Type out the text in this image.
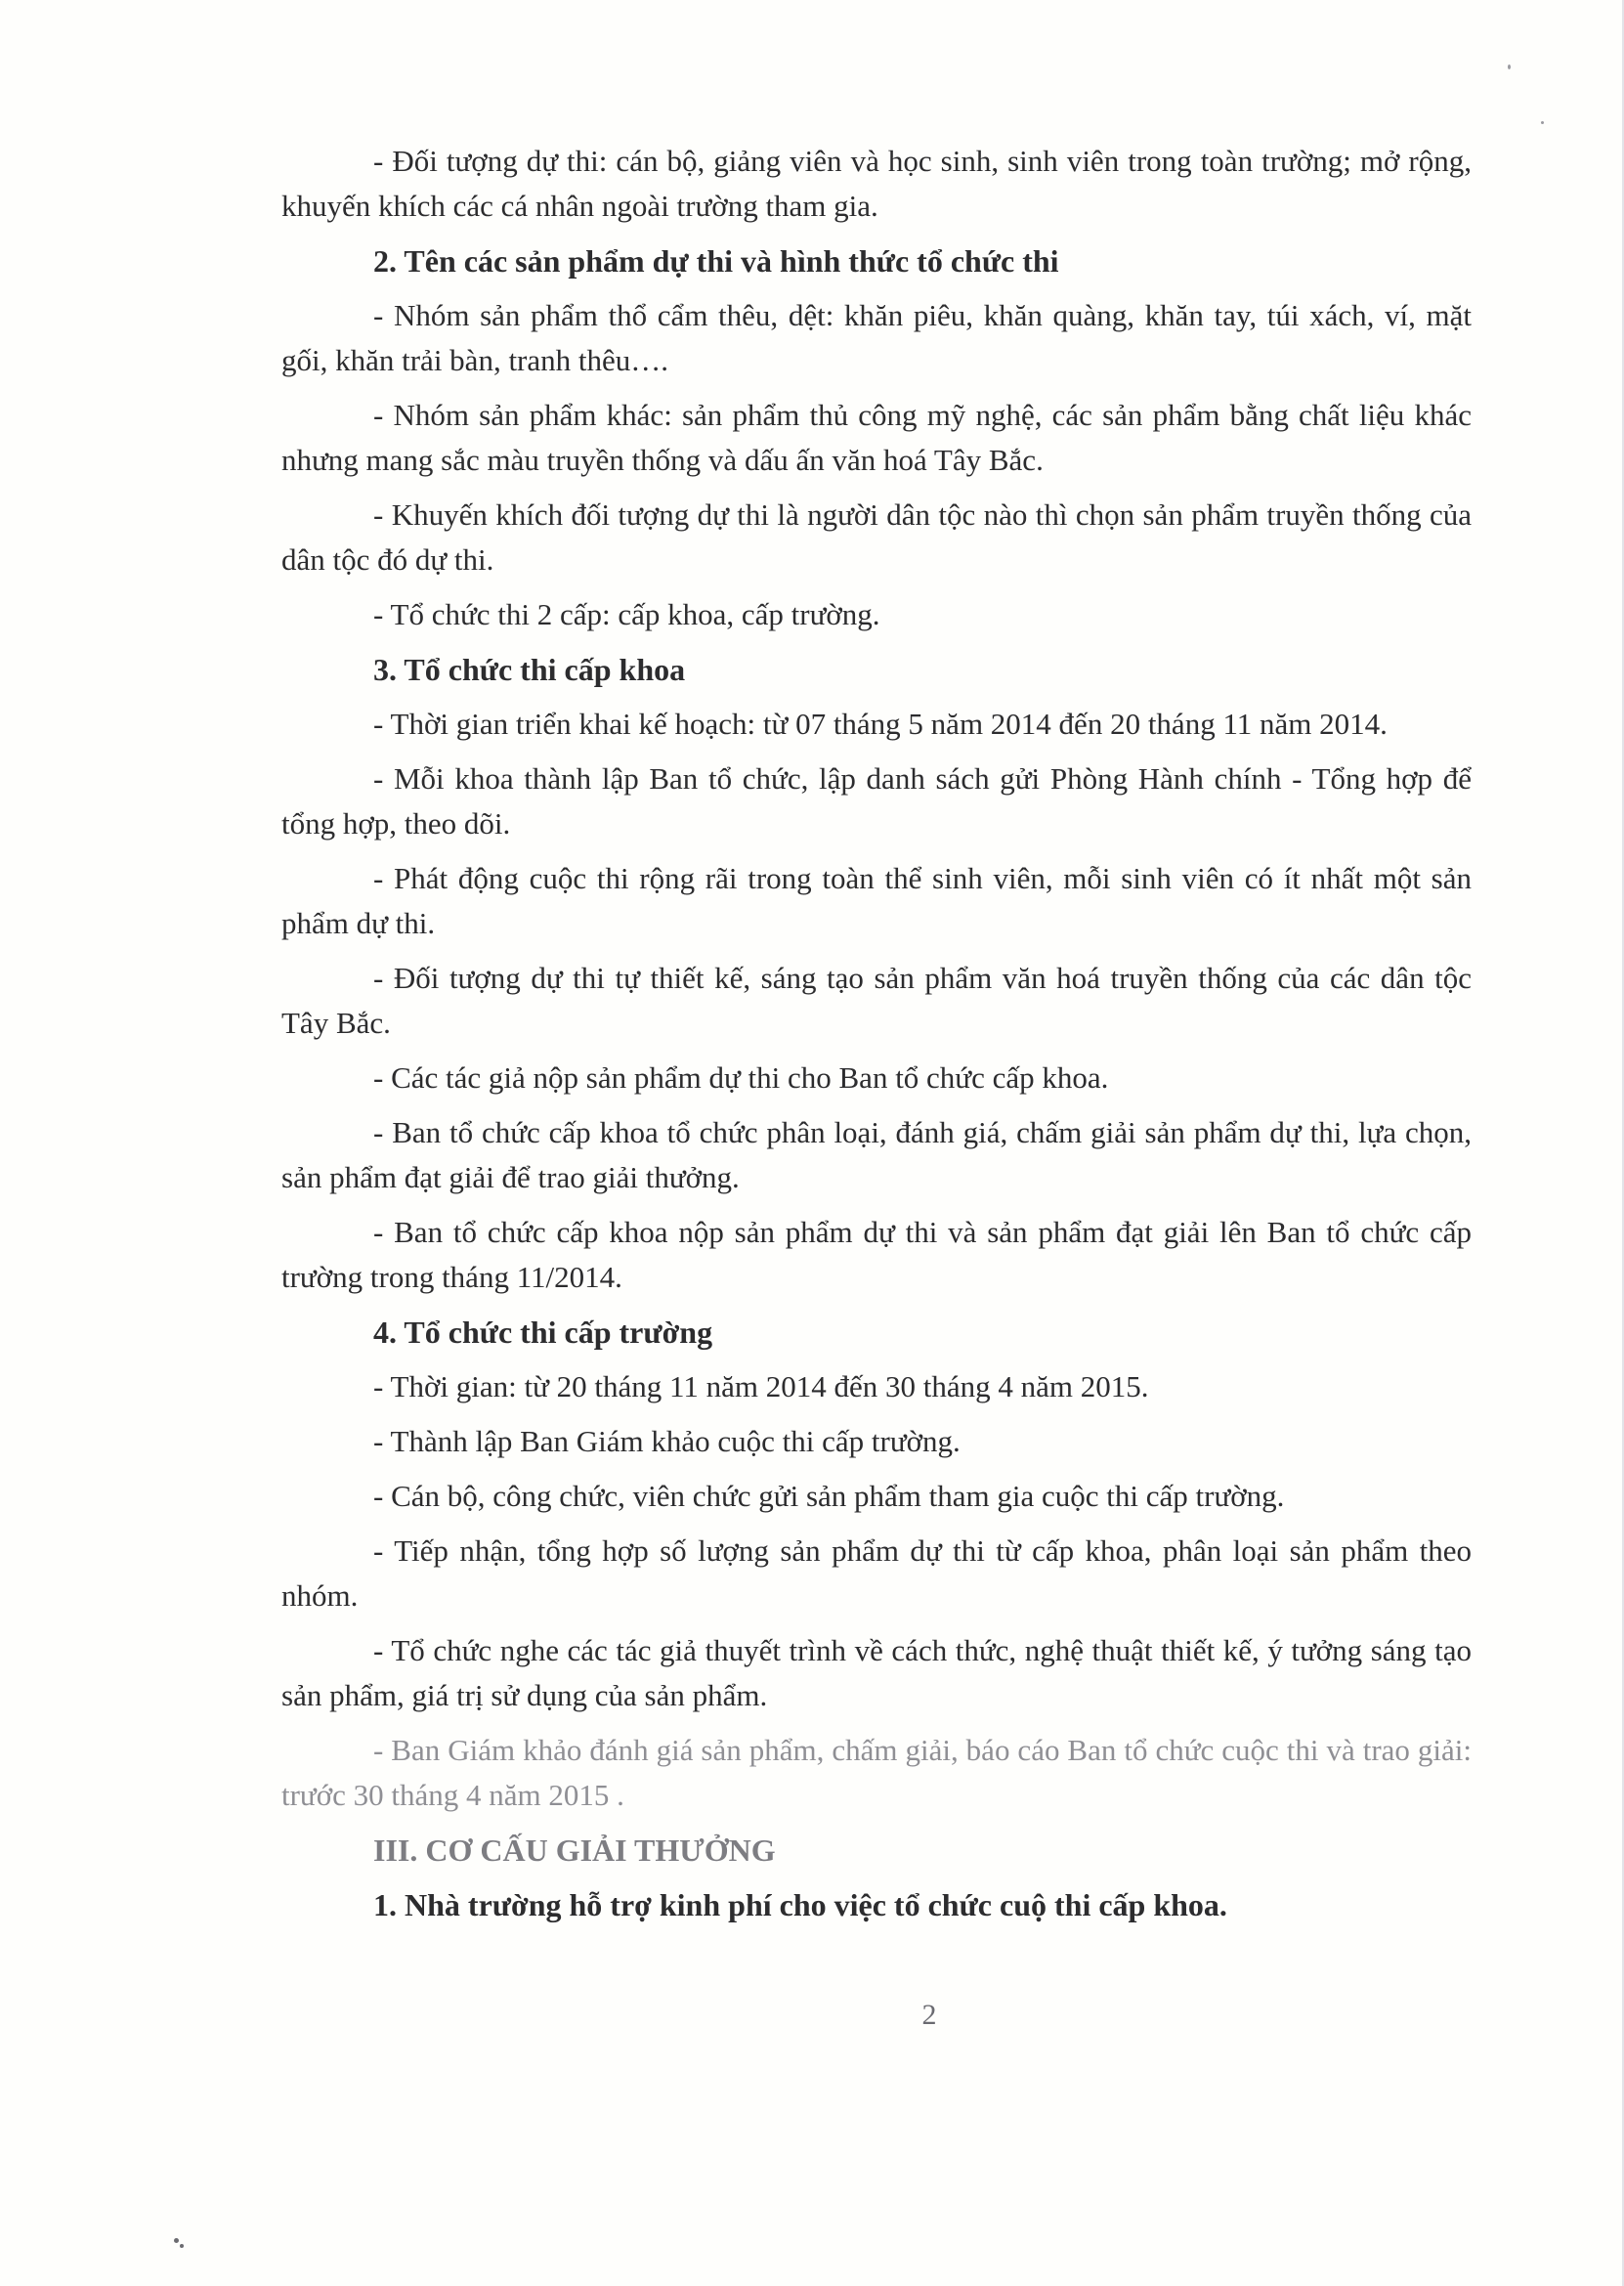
- Đối tượng dự thi: cán bộ, giảng viên và học sinh, sinh viên trong toàn trường; mở rộng, khuyến khích các cá nhân ngoài trường tham gia.

2. Tên các sản phẩm dự thi và hình thức tổ chức thi

- Nhóm sản phẩm thổ cẩm thêu, dệt: khăn piêu, khăn quàng, khăn tay, túi xách, ví, mặt gối, khăn trải bàn, tranh thêu….

- Nhóm sản phẩm khác: sản phẩm thủ công mỹ nghệ, các sản phẩm bằng chất liệu khác nhưng mang sắc màu truyền thống và dấu ấn văn hoá Tây Bắc.

- Khuyến khích đối tượng dự thi là người dân tộc nào thì chọn sản phẩm truyền thống của dân tộc đó dự thi.

- Tổ chức thi 2 cấp: cấp khoa, cấp trường.

3. Tổ chức thi cấp khoa

- Thời gian triển khai kế hoạch: từ 07 tháng 5 năm 2014 đến 20 tháng 11 năm 2014.

- Mỗi khoa thành lập Ban tổ chức, lập danh sách gửi Phòng Hành chính - Tổng hợp để tổng hợp, theo dõi.

- Phát động cuộc thi rộng rãi trong toàn thể sinh viên, mỗi sinh viên có ít nhất một sản phẩm dự thi.

- Đối tượng dự thi tự thiết kế, sáng tạo sản phẩm văn hoá truyền thống của các dân tộc Tây Bắc.

- Các tác giả nộp sản phẩm dự thi cho Ban tổ chức cấp khoa.

- Ban tổ chức cấp khoa tổ chức phân loại, đánh giá, chấm giải sản phẩm dự thi, lựa chọn, sản phẩm đạt giải để trao giải thưởng.

- Ban tổ chức cấp khoa nộp sản phẩm dự thi và sản phẩm đạt giải lên Ban tổ chức cấp trường trong tháng 11/2014.

4. Tổ chức thi cấp trường

- Thời gian: từ 20 tháng 11 năm 2014 đến 30 tháng 4 năm 2015.

- Thành lập Ban Giám khảo cuộc thi cấp trường.

- Cán bộ, công chức, viên chức gửi sản phẩm tham gia cuộc thi cấp trường.

- Tiếp nhận, tổng hợp số lượng sản phẩm dự thi từ cấp khoa, phân loại sản phẩm theo nhóm.

- Tổ chức nghe các tác giả thuyết trình về cách thức, nghệ thuật thiết kế, ý tưởng sáng tạo sản phẩm, giá trị sử dụng của sản phẩm.

- Ban Giám khảo đánh giá sản phẩm, chấm giải, báo cáo Ban tổ chức cuộc thi và trao giải: trước 30 tháng 4 năm 2015 .

III. CƠ CẤU GIẢI THƯỞNG

1. Nhà trường hỗ trợ kinh phí cho việc tổ chức cuộ thi cấp khoa.

2
